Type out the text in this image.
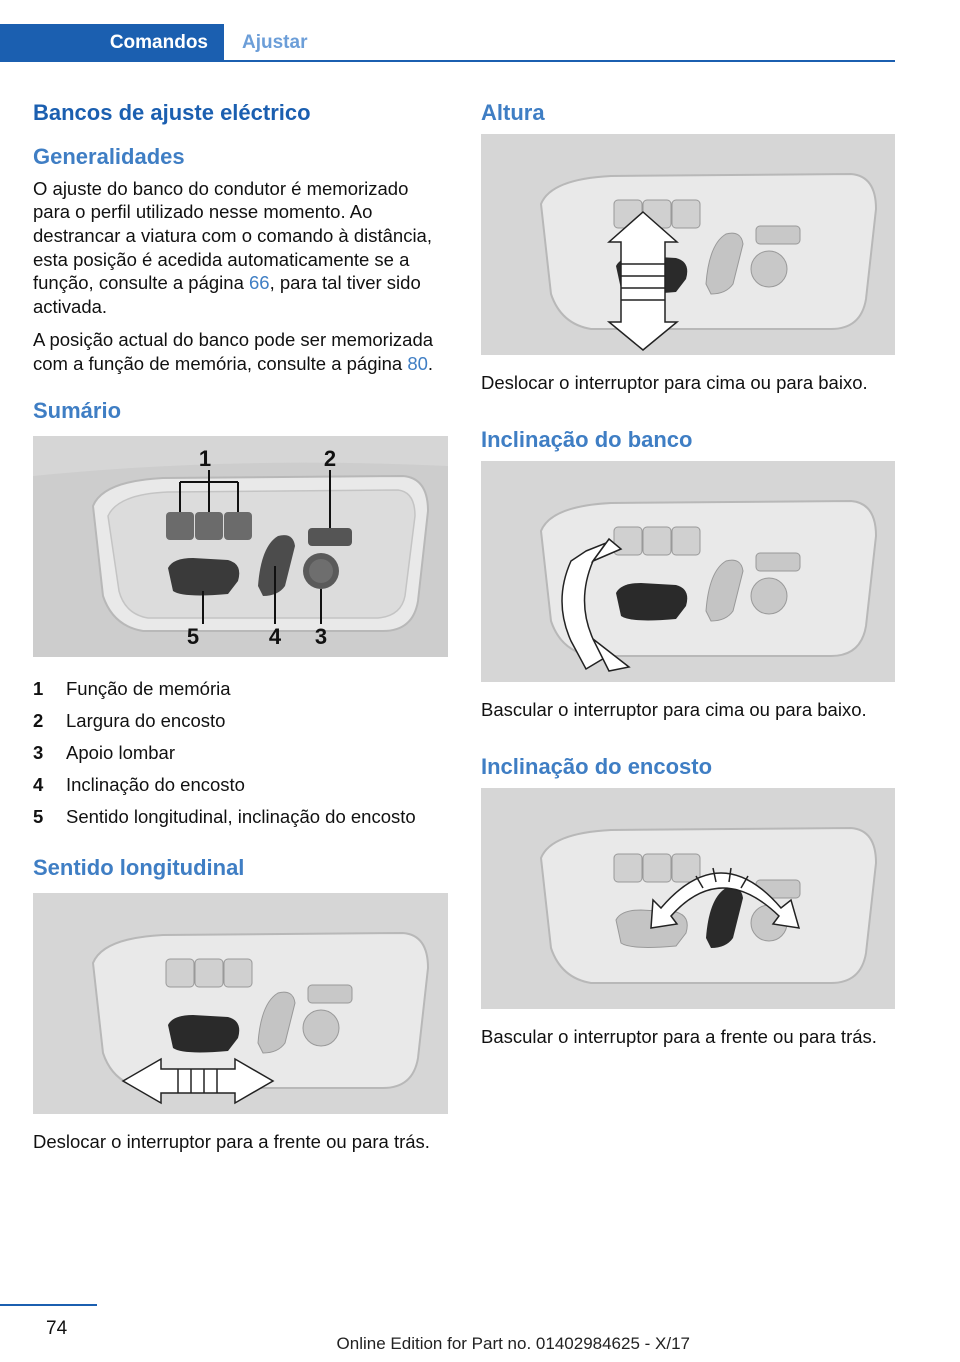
Comandos	Ajustar
Bancos de ajuste eléctrico
Generalidades

O ajuste do banco do condutor é memorizado para o perfil utilizado nesse momento. Ao destrancar a viatura com o comando à distância, esta posição é acedida automaticamente se a função, consulte a página 66, para tal tiver sido activada.

A posição actual do banco pode ser memorizada com a função de memória, consulte a página 80.

Sumário
1	2
3
4
5
1	Função de memória
2	Largura do encosto
3	Apoio lombar
4	Inclinação do encosto
5	Sentido longitudinal, inclinação do encosto
Sentido longitudinal

Deslocar o interruptor para a frente ou para trás.

Altura

Deslocar o interruptor para cima ou para baixo.

Inclinação do banco

Bascular o interruptor para cima ou para baixo.

Inclinação do encosto

Bascular o interruptor para a frente ou para trás.

74
Online Edition for Part no. 01402984625 - X/17
